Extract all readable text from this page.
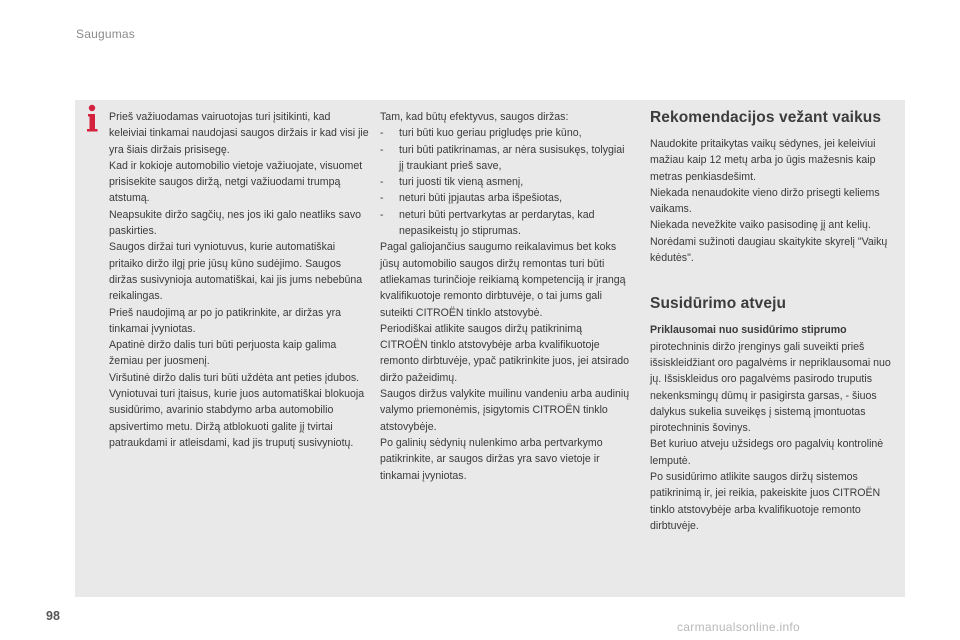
Saugumas

Prieš važiuodamas vairuotojas turi įsitikinti, kad keleiviai tinkamai naudojasi saugos diržais ir kad visi jie yra šiais diržais prisisegę.

Kad ir kokioje automobilio vietoje važiuojate, visuomet prisisekite saugos diržą, netgi važiuodami trumpą atstumą.

Neapsukite diržo sagčių, nes jos iki galo neatliks savo paskirties.

Saugos diržai turi vyniotuvus, kurie automatiškai pritaiko diržo ilgį prie jūsų kūno sudėjimo. Saugos diržas susivynioja automatiškai, kai jis jums nebebūna reikalingas.

Prieš naudojimą ar po jo patikrinkite, ar diržas yra tinkamai įvyniotas.

Apatinė diržo dalis turi būti perjuosta kaip galima žemiau per juosmenį.

Viršutinė diržo dalis turi būti uždėta ant peties įdubos.

Vyniotuvai turi įtaisus, kurie juos automatiškai blokuoja susidūrimo, avarinio stabdymo arba automobilio apsivertimo metu. Diržą atblokuoti galite jį tvirtai patraukdami ir atleisdami, kad jis truputį susivyniotų.

Tam, kad būtų efektyvus, saugos diržas:

-	turi būti kuo geriau prigludęs prie kūno,
-	turi būti patikrinamas, ar nėra susisukęs, tolygiai jį traukiant prieš save,
-	turi juosti tik vieną asmenį,
-	neturi būti įpjautas arba išpešiotas,
-	neturi būti pertvarkytas ar perdarytas, kad nepasikeistų jo stiprumas.

Pagal galiojančius saugumo reikalavimus bet koks jūsų automobilio saugos diržų remontas turi būti atliekamas turinčioje reikiamą kompetenciją ir įrangą kvalifikuotoje remonto dirbtuvėje, o tai jums gali suteikti CITROËN tinklo atstovybė.

Periodiškai atlikite saugos diržų patikrinimą CITROËN tinklo atstovybėje arba kvalifikuotoje remonto dirbtuvėje, ypač patikrinkite juos, jei atsirado diržo pažeidimų.

Saugos diržus valykite muilinu vandeniu arba audinių valymo priemonėmis, įsigytomis CITROËN tinklo atstovybėje.

Po galinių sėdynių nulenkimo arba pertvarkymo patikrinkite, ar saugos diržas yra savo vietoje ir tinkamai įvyniotas.

Rekomendacijos vežant vaikus

Naudokite pritaikytas vaikų sėdynes, jei keleiviui mažiau kaip 12 metų arba jo ūgis mažesnis kaip metras penkiasdešimt.

Niekada nenaudokite vieno diržo prisegti keliems vaikams.

Niekada nevežkite vaiko pasisodinę jį ant kelių.

Norėdami sužinoti daugiau skaitykite skyrelį "Vaikų kėdutės".

Susidūrimo atveju

Priklausomai nuo susidūrimo stiprumo pirotechninis diržo įrenginys gali suveikti prieš išsiskleidžiant oro pagalvėms ir nepriklausomai nuo jų. Išsiskleidus oro pagalvėms pasirodo truputis nekenksmingų dūmų ir pasigirsta garsas, - šiuos dalykus sukelia suveikęs į sistemą įmontuotas pirotechninis šovinys.

Bet kuriuo atveju užsidegs oro pagalvių kontrolinė lemputė.

Po susidūrimo atlikite saugos diržų sistemos patikrinimą ir, jei reikia, pakeiskite juos CITROËN tinklo atstovybėje arba kvalifikuotoje remonto dirbtuvėje.

98
carmanualsonline.info
